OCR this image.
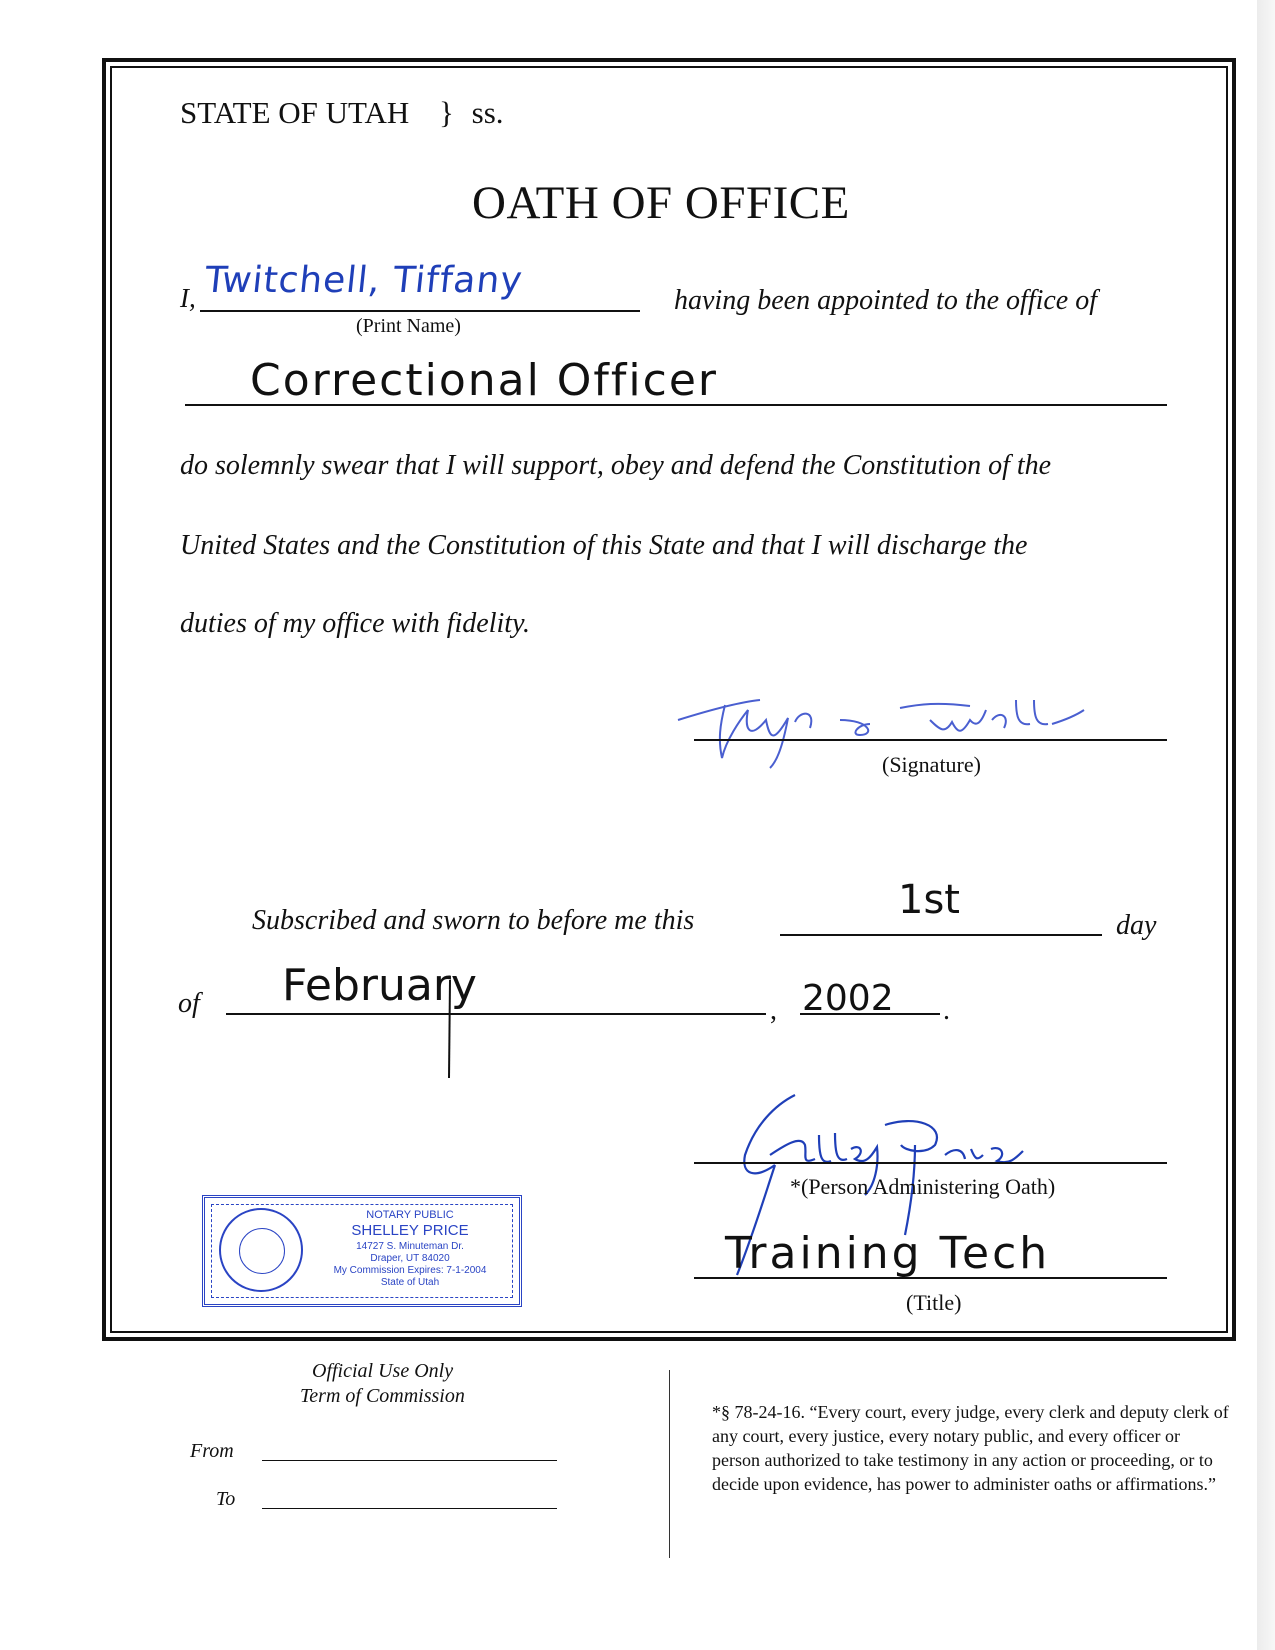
STATE OF UTAH } ss.
OATH OF OFFICE
I, Twitchell, Tiffany
(Print Name)
having been appointed to the office of
Correctional Officer
do solemnly swear that I will support, obey and defend the Constitution of the
United States and the Constitution of this State and that I will discharge the
duties of my office with fidelity.
(Signature)
Subscribed and sworn to before me this	1st
day
of February	, 2002 .
*(Person Administering Oath)
Training Tech
(Title)
NOTARY PUBLIC
SHELLEY PRICE
14727 S. Minuteman Dr.
Draper, UT 84020
My Commission Expires: 7-1-2004
State of Utah
Official Use Only
Term of Commission
From
To
*§ 78-24-16. “Every court, every judge, every clerk and deputy clerk of any court, every justice, every notary public, and every officer or person authorized to take testimony in any action or proceeding, or to decide upon evidence, has power to administer oaths or affirmations.”
